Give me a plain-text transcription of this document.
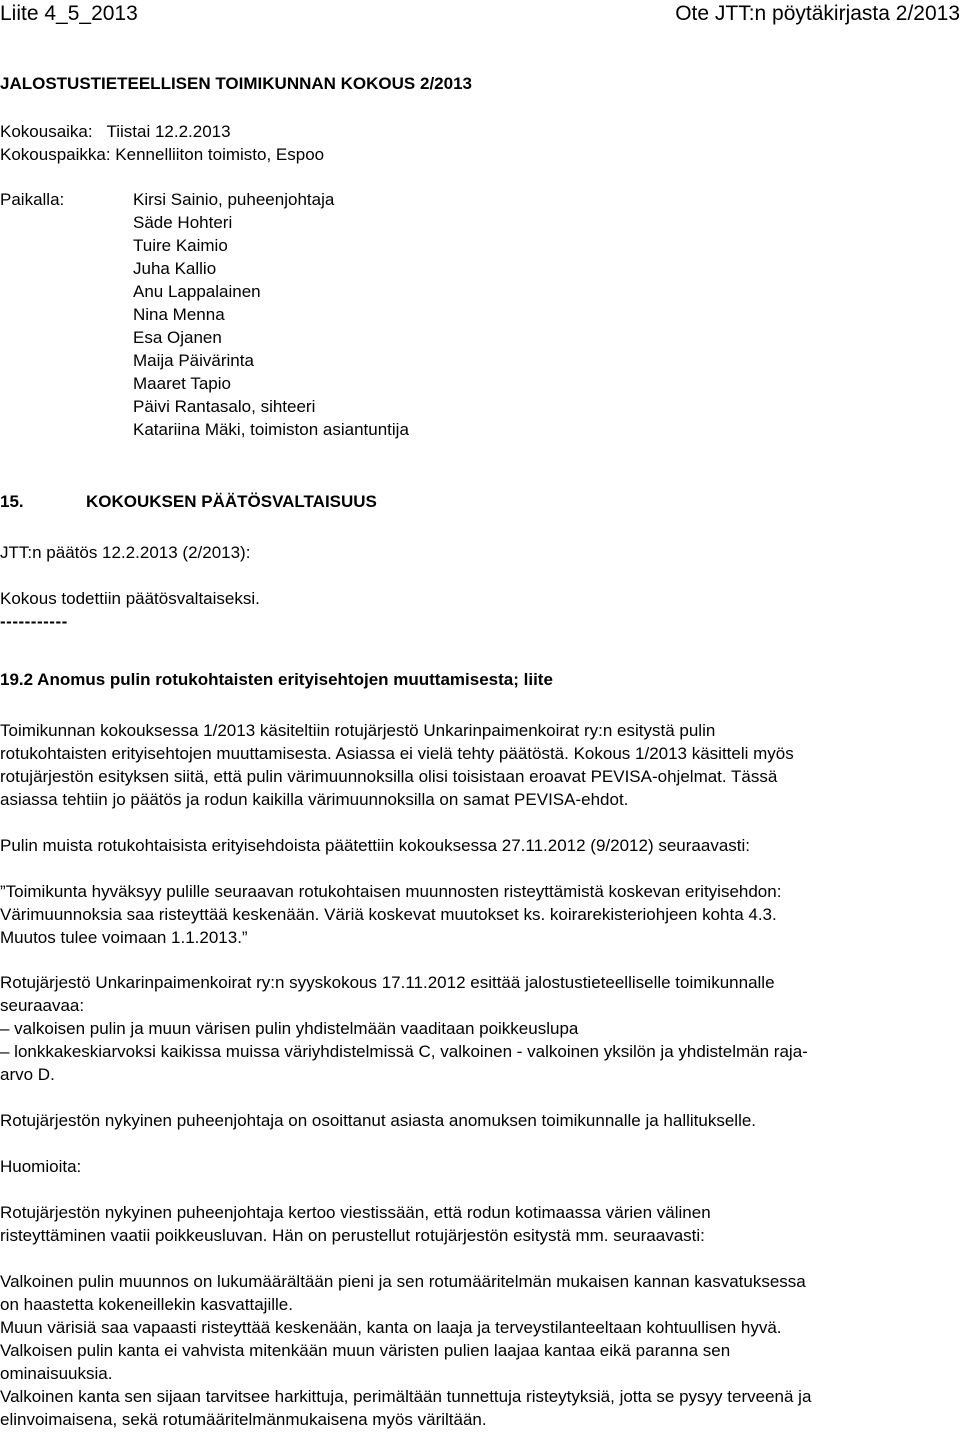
Liite 4_5_2013	Ote JTT:n pöytäkirjasta 2/2013
JALOSTUSTIETEELLISEN TOIMIKUNNAN KOKOUS 2/2013
Kokousaika:   Tiistai 12.2.2013
Kokouspaikka: Kennelliiton toimisto, Espoo
Paikalla:	Kirsi Sainio, puheenjohtaja
Säde Hohteri
Tuire Kaimio
Juha Kallio
Anu Lappalainen
Nina Menna
Esa Ojanen
Maija Päivärinta
Maaret Tapio
Päivi Rantasalo, sihteeri
Katariina Mäki, toimiston asiantuntija
15.	KOKOUKSEN PÄÄTÖSVALTAISUUS
JTT:n päätös 12.2.2013 (2/2013):
Kokous todettiin päätösvaltaiseksi.
-----------
19.2 Anomus pulin rotukohtaisten erityisehtojen muuttamisesta; liite
Toimikunnan kokouksessa 1/2013 käsiteltiin rotujärjestö Unkarinpaimenkoirat ry:n esitystä pulin
rotukohtaisten erityisehtojen muuttamisesta. Asiassa ei vielä tehty päätöstä. Kokous 1/2013 käsitteli myös
rotujärjestön esityksen siitä, että pulin värimuunnoksilla olisi toisistaan eroavat PEVISA-ohjelmat. Tässä
asiassa tehtiin jo päätös ja rodun kaikilla värimuunnoksilla on samat PEVISA-ehdot.
Pulin muista rotukohtaisista erityisehdoista päätettiin kokouksessa 27.11.2012 (9/2012) seuraavasti:
”Toimikunta hyväksyy pulille seuraavan rotukohtaisen muunnosten risteyttämistä koskevan erityisehdon:
Värimuunnoksia saa risteyttää keskenään. Väriä koskevat muutokset ks. koirarekisteriohjeen kohta 4.3.
Muutos tulee voimaan 1.1.2013.”
Rotujärjestö Unkarinpaimenkoirat ry:n syyskokous 17.11.2012 esittää jalostustieteelliselle toimikunnalle
seuraavaa:
– valkoisen pulin ja muun värisen pulin yhdistelmään vaaditaan poikkeuslupa
– lonkkakeskiarvoksi kaikissa muissa väriyhdistelmissä C, valkoinen - valkoinen yksilön ja yhdistelmän raja-
arvo D.
Rotujärjestön nykyinen puheenjohtaja on osoittanut asiasta anomuksen toimikunnalle ja hallitukselle.
Huomioita:
Rotujärjestön nykyinen puheenjohtaja kertoo viestissään, että rodun kotimaassa värien välinen
risteyttäminen vaatii poikkeusluvan. Hän on perustellut rotujärjestön esitystä mm. seuraavasti:
Valkoinen pulin muunnos on lukumäärältään pieni ja sen rotumääritelmän mukaisen kannan kasvatuksessa
on haastetta kokeneillekin kasvattajille.
Muun värisiä saa vapaasti risteyttää keskenään, kanta on laaja ja terveystilanteeltaan kohtuullisen hyvä.
Valkoisen pulin kanta ei vahvista mitenkään muun väristen pulien laajaa kantaa eikä paranna sen
ominaisuuksia.
Valkoinen kanta sen sijaan tarvitsee harkittuja, perimältään tunnettuja risteytyksiä, jotta se pysyy terveenä ja
elinvoimaisena, sekä rotumääritelmänmukaisena myös väriltään.
